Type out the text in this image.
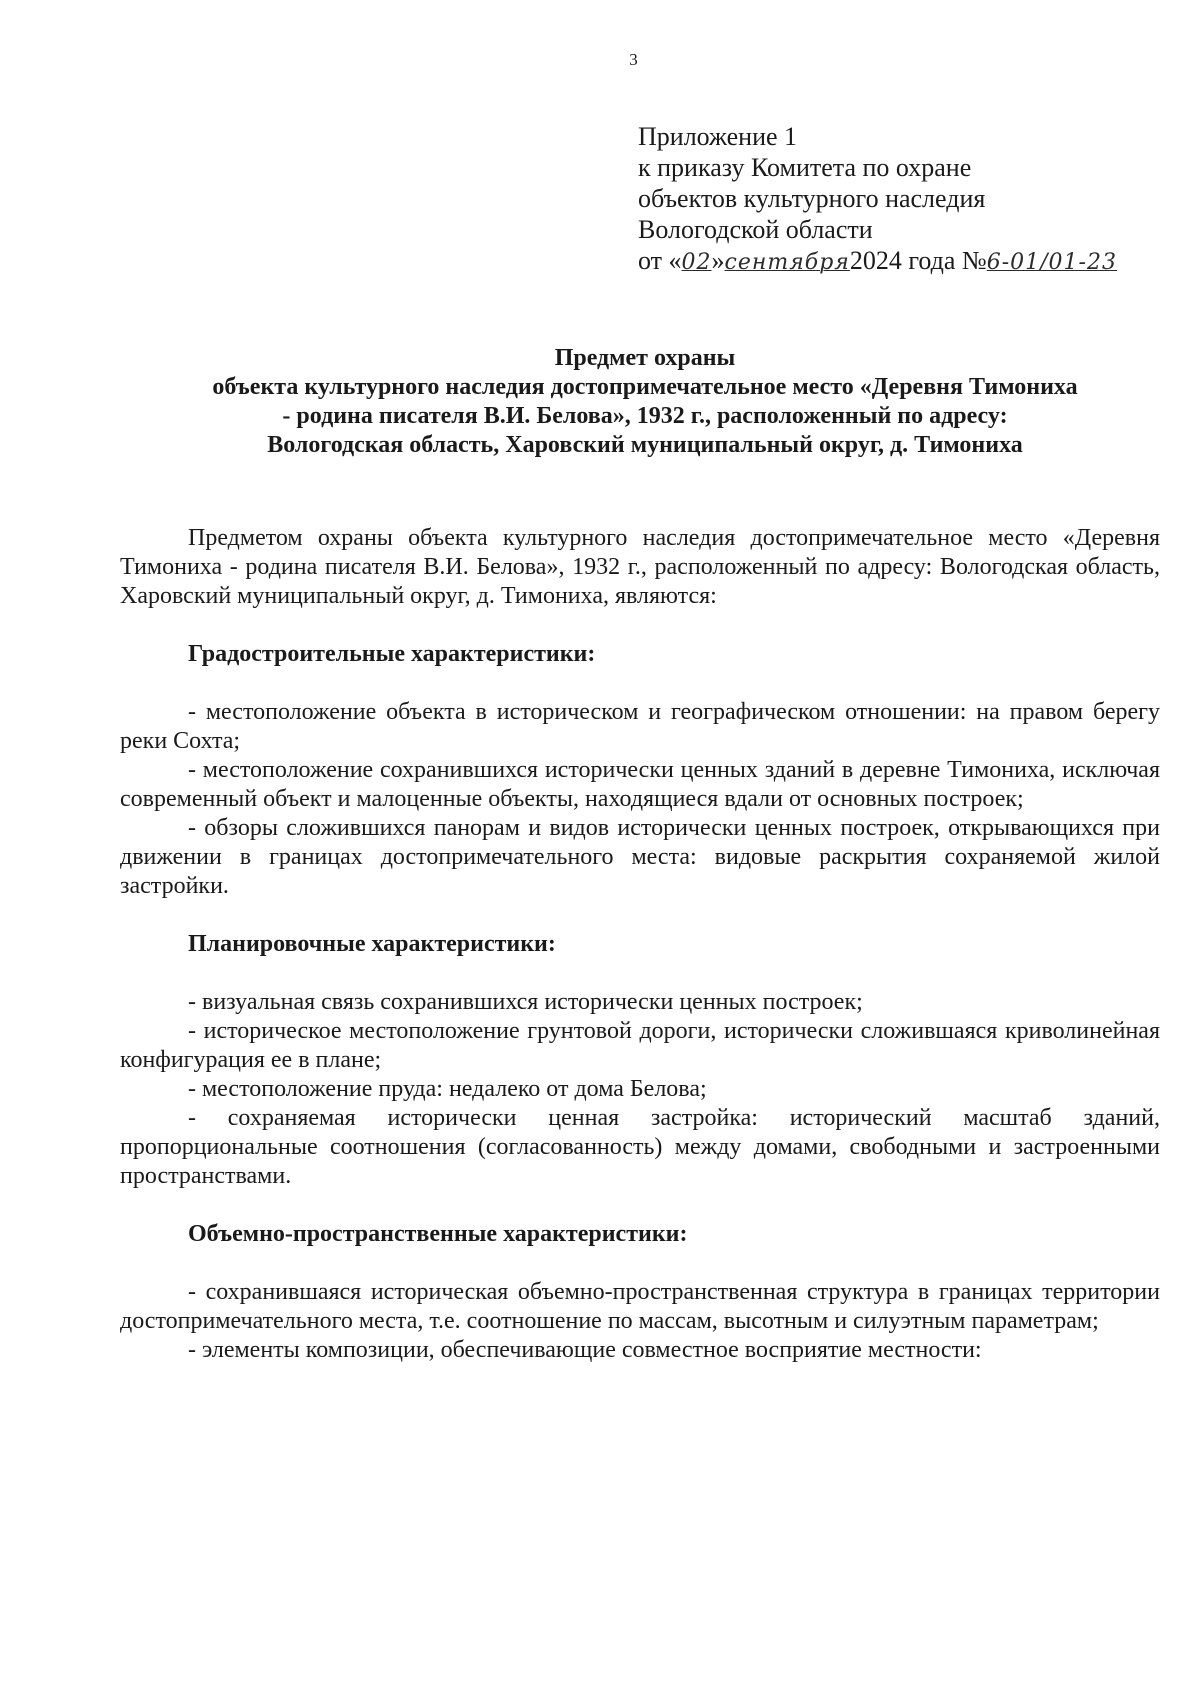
3
Приложение 1
к приказу Комитета по охране
объектов культурного наследия
Вологодской области
от «02»сентября2024 года №6-01/01-23
Предмет охраны
объекта культурного наследия достопримечательное место «Деревня Тимониха
- родина писателя В.И. Белова», 1932 г., расположенный по адресу:
Вологодская область, Харовский муниципальный округ, д. Тимониха

Предметом охраны объекта культурного наследия достопримечательное место «Деревня Тимониха - родина писателя В.И. Белова», 1932 г., расположенный по адресу: Вологодская область, Харовский муниципальный округ, д. Тимониха, являются:

Градостроительные характеристики:

- местоположение объекта в историческом и географическом отношении: на правом берегу реки Сохта;

- местоположение сохранившихся исторически ценных зданий в деревне Тимониха, исключая современный объект и малоценные объекты, находящиеся вдали от основных построек;

- обзоры сложившихся панорам и видов исторически ценных построек, открывающихся при движении в границах достопримечательного места: видовые раскрытия сохраняемой жилой застройки.

Планировочные характеристики:

- визуальная связь сохранившихся исторически ценных построек;

- историческое местоположение грунтовой дороги, исторически сложившаяся криволинейная конфигурация ее в плане;

- местоположение пруда: недалеко от дома Белова;

- сохраняемая исторически ценная застройка: исторический масштаб зданий, пропорциональные соотношения (согласованность) между домами, свободными и застроенными пространствами.

Объемно-пространственные характеристики:

- сохранившаяся историческая объемно-пространственная структура в границах территории достопримечательного места, т.е. соотношение по массам, высотным и силуэтным параметрам;

- элементы композиции, обеспечивающие совместное восприятие местности:
